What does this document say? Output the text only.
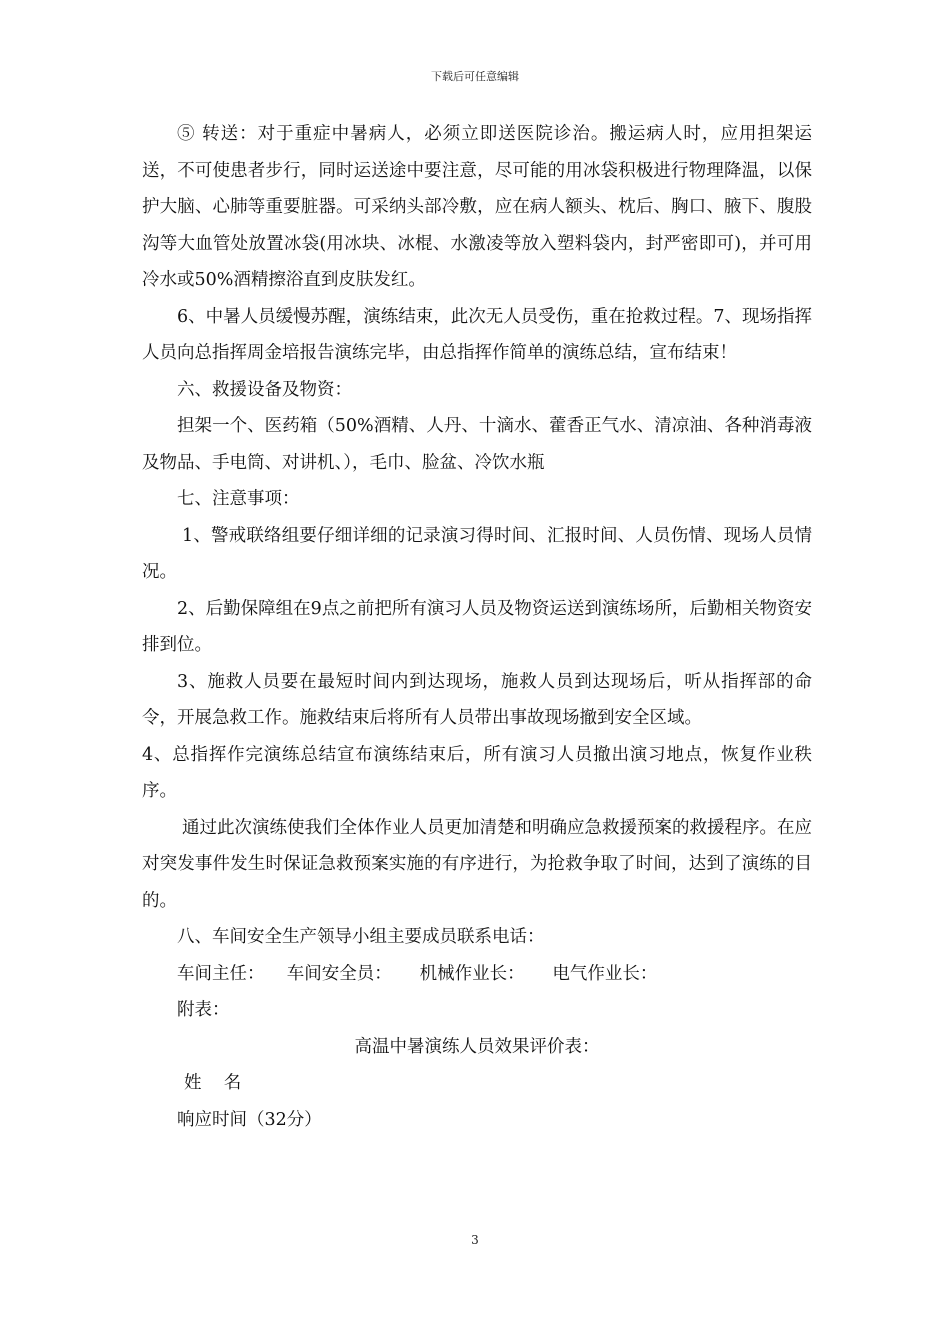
下载后可任意编辑

⑤ 转送：对于重症中暑病人，必须立即送医院诊治。搬运病人时，应用担架运送，不可使患者步行，同时运送途中要注意，尽可能的用冰袋积极进行物理降温，以保护大脑、心肺等重要脏器。可采纳头部冷敷，应在病人额头、枕后、胸口、腋下、腹股沟等大血管处放置冰袋(用冰块、冰棍、水激凌等放入塑料袋内，封严密即可)，并可用冷水或50%酒精擦浴直到皮肤发红。

6、中暑人员缓慢苏醒，演练结束，此次无人员受伤，重在抢救过程。7、现场指挥人员向总指挥周金培报告演练完毕，由总指挥作简单的演练总结，宣布结束！

六、救援设备及物资：

担架一个、医药箱（50%酒精、人丹、十滴水、藿香正气水、清凉油、各种消毒液及物品、手电筒、对讲机、），毛巾、脸盆、冷饮水瓶

七、注意事项：

1、警戒联络组要仔细详细的记录演习得时间、汇报时间、人员伤情、现场人员情况。

2、后勤保障组在9点之前把所有演习人员及物资运送到演练场所，后勤相关物资安排到位。

3、施救人员要在最短时间内到达现场，施救人员到达现场后，听从指挥部的命令，开展急救工作。施救结束后将所有人员带出事故现场撤到安全区域。

4、总指挥作完演练总结宣布演练结束后，所有演习人员撤出演习地点，恢复作业秩序。

通过此次演练使我们全体作业人员更加清楚和明确应急救援预案的救援程序。在应对突发事件发生时保证急救预案实施的有序进行，为抢救争取了时间，达到了演练的目的。

八、车间安全生产领导小组主要成员联系电话：

车间主任：    车间安全员：     机械作业长：     电气作业长：

附表：

高温中暑演练人员效果评价表：

姓    名

响应时间（32分）

3
